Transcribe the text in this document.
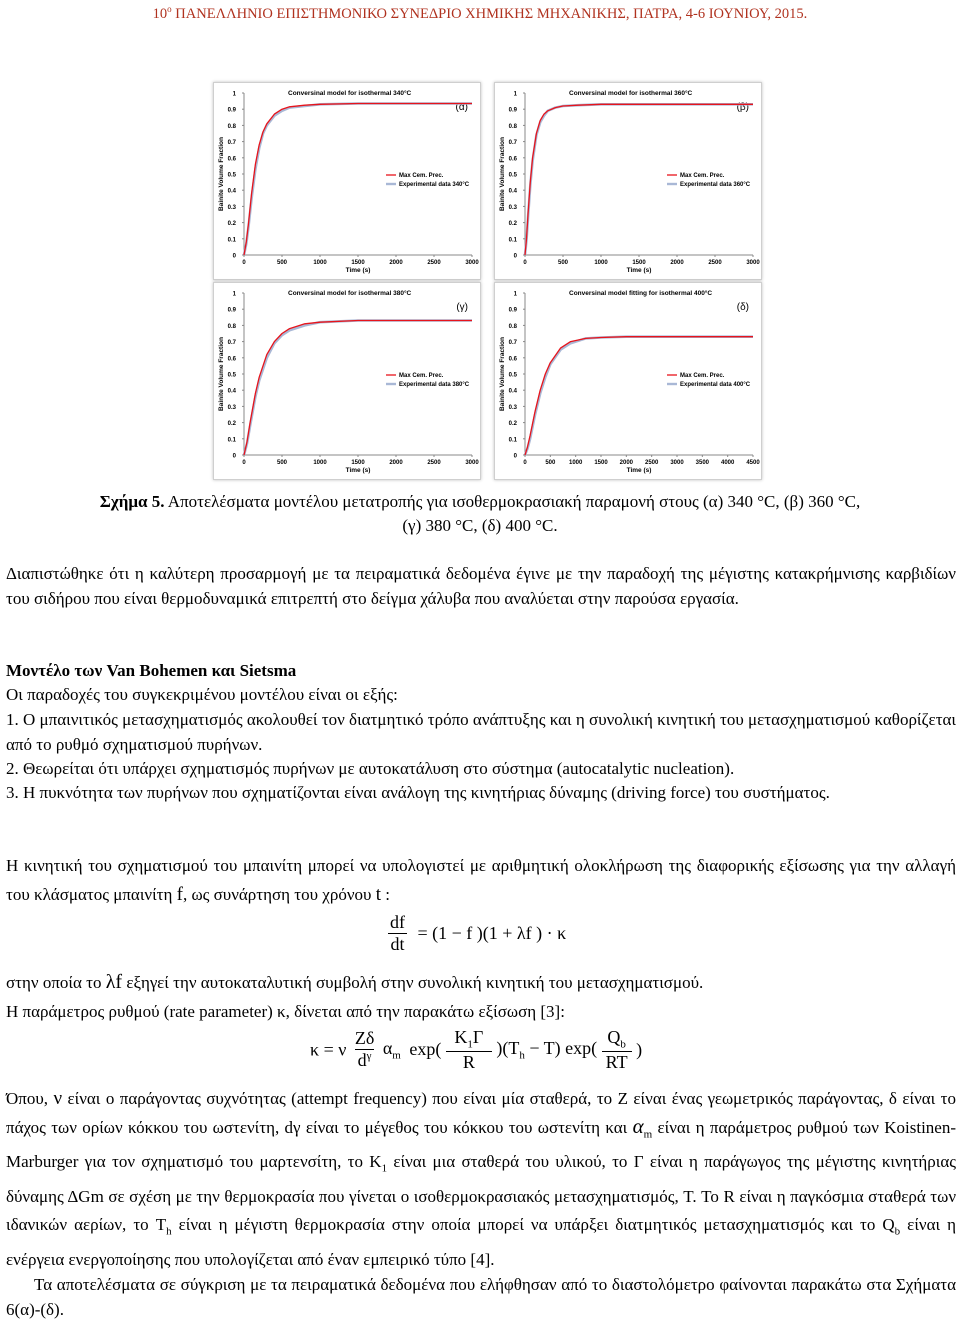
$10^o$ ΠΑΝΕΛΛΗΝΙΟ ΕΠΙΣΤΗΜΟΝΙΚΟ ΣΥΝΕΔΡΙΟ ΧΗΜΙΚΗΣ ΜΗΧΑΝΙΚΗΣ, ΠΑΤΡΑ, 4-6 ΙΟΥΝΙΟΥ, 2015.
0
0.1
0.2
0.3
0.4
0.5
0.6
0.7
0.8
0.9
1
0	500	1000	1500	2000	2500	3000
Time (s)
Bainite Volume Fraction
Conversinal model for isothermal 340°C
(α)
Max Cem. Prec.
Experimental data 340°C
0
0.1
0.2
0.3
0.4
0.5
0.6
0.7
0.8
0.9
1
0	500	1000	1500	2000	2500	3000
Time (s)
Bainite Volume Fraction
Conversinal model for isothermal 360°C
(β)
Max Cem. Prec.
Experimental data 360°C
0
0.1
0.2
0.3
0.4
0.5
0.6
0.7
0.8
0.9
1
0	500	1000	1500	2000	2500	3000
Time (s)
Bainite Volume Fraction
Conversinal model for isothermal 380°C
(γ)
Max Cem. Prec.
Experimental data 380°C
0
0.1
0.2
0.3
0.4
0.5
0.6
0.7
0.8
0.9
1
0	500 1000 1500 2000 2500 3000 3500 4000 4500
Time (s)
Bainite Volume Fraction
Conversinal model fitting for isothermal 400°C
(δ)
Max Cem. Prec.
Experimental data 400°C
Σχήμα 5. Αποτελέσματα μοντέλου μετατροπής για ισοθερμοκρασιακή παραμονή στους (α) 340 °C, (β) 360 °C,
(γ) 380 °C, (δ) 400 °C.
Διαπιστώθηκε ότι η καλύτερη προσαρμογή με τα πειραματικά δεδομένα έγινε με την παραδοχή της μέγιστης κατακρήμνισης καρβιδίων του σιδήρου που είναι θερμοδυναμικά επιτρεπτή στο δείγμα χάλυβα που αναλύεται στην παρούσα εργασία.
Μοντέλο των Van Bohemen και Sietsma
Οι παραδοχές του συγκεκριμένου μοντέλου είναι οι εξής:
1. Ο μπαινιτικός μετασχηματισμός ακολουθεί τον διατμητικό τρόπο ανάπτυξης και η συνολική κινητική του μετασχηματισμού καθορίζεται από το ρυθμό σχηματισμού πυρήνων.
2. Θεωρείται ότι υπάρχει σχηματισμός πυρήνων με αυτοκατάλυση στο σύστημα (autocatalytic nucleation).
3. Η πυκνότητα των πυρήνων που σχηματίζονται είναι ανάλογη της κινητήριας δύναμης (driving force) του συστήματος.
Η κινητική του σχηματισμού του μπαινίτη μπορεί να υπολογιστεί με αριθμητική ολοκλήρωση της διαφορικής εξίσωσης για την αλλαγή του κλάσματος μπαινίτη f, ως συνάρτηση του χρόνου t :
$\frac{df}{dt} = (1 - f$ )(1 + λf ) · κ
στην οποία το λf εξηγεί την αυτοκαταλυτική συμβολή στην συνολική κινητική του μετασχηματισμού.
Η παράμετρος ρυθμού (rate parameter) κ, δίνεται από την παρακάτω εξίσωση [3]:
κ = ν $\frac{Z\delta}{d^\gamma} \alpha_m$ $\exp( \frac{K_1\Gamma}{R} )(T_h - T)$ $\exp( \frac{Q_b}{RT}$ )
Όπου, ν είναι ο παράγοντας συχνότητας (attempt frequency) που είναι μία σταθερά, το Z είναι ένας γεωμετρικός παράγοντας, δ είναι το πάχος των ορίων κόκκου του ωστενίτη, dγ είναι το μέγεθος του κόκκου του ωστενίτη και $\alpha_m$ είναι η παράμετρος ρυθμού των Koistinen-Marburger για τον σχηματισμό του μαρτενσίτη, το $K_1$ είναι μια σταθερά του υλικού, το Γ είναι η παράγωγος της μέγιστης κινητήριας δύναμης ΔGm σε σχέση με την θερμοκρασία που γίνεται ο ισοθερμοκρασιακός μετασχηματισμός, T. Το R είναι η παγκόσμια σταθερά των ιδανικών αερίων, το $T_h$ είναι η μέγιστη θερμοκρασία στην οποία μπορεί να υπάρξει διατμητικός μετασχηματισμός και το $Q_b$ είναι η ενέργεια ενεργοποίησης που υπολογίζεται από έναν εμπειρικό τύπο [4].
Τα αποτελέσματα σε σύγκριση με τα πειραματικά δεδομένα που ελήφθησαν από το διαστολόμετρο φαίνονται παρακάτω στα Σχήματα 6(α)-(δ).
